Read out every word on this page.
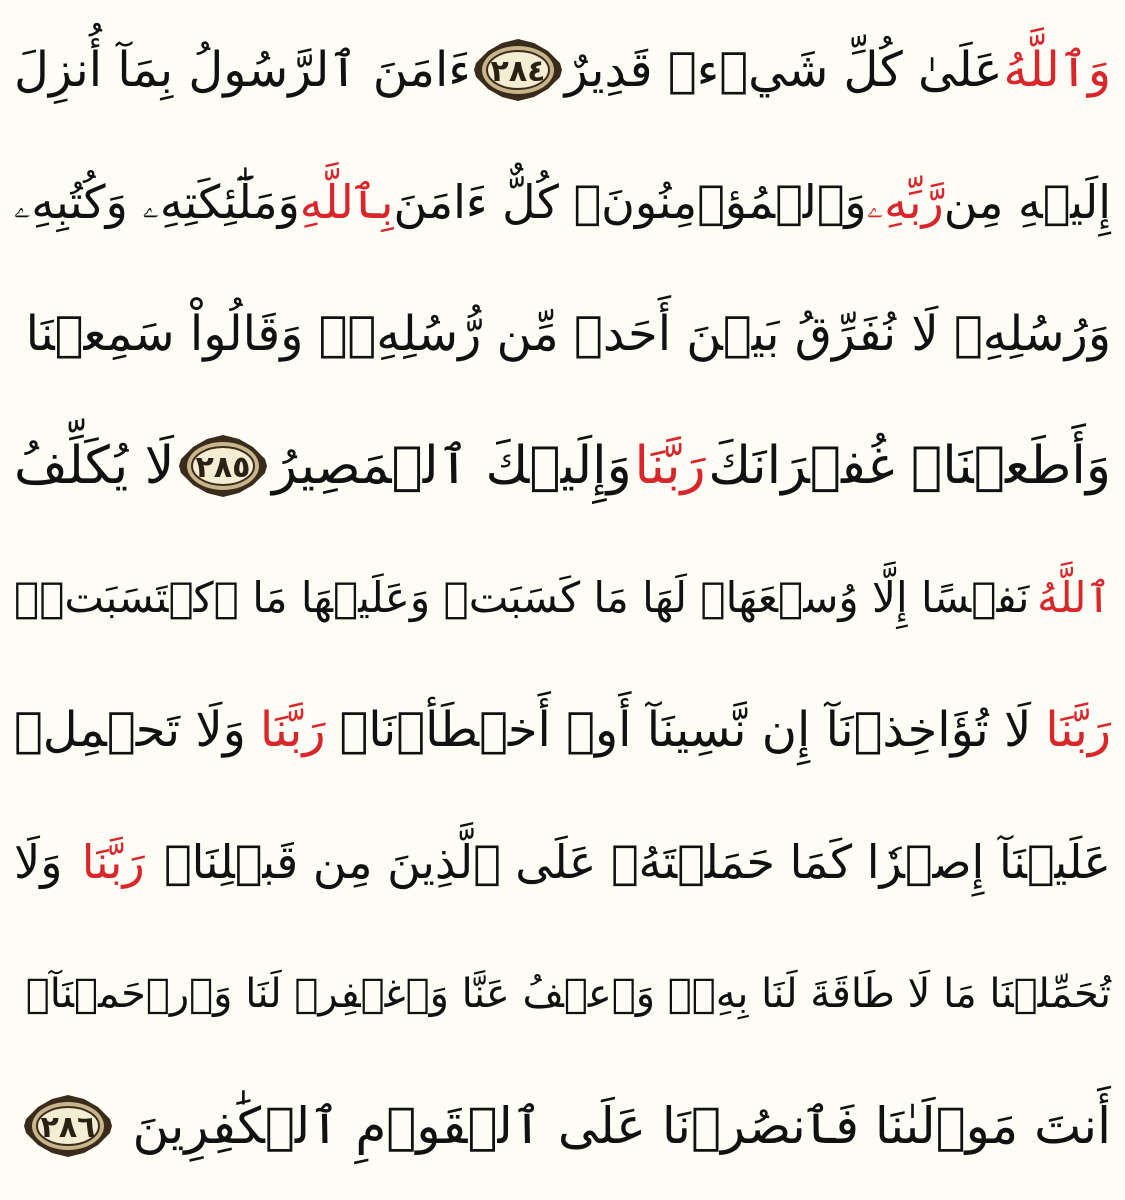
وَٱللَّهُ
عَلَىٰ كُلِّ شَيۡءٖ قَدِيرٌ
٢٨٤
ءَامَنَ ٱلرَّسُولُ بِمَآ أُنزِلَ
إِلَيۡهِ مِن
رَّبِّهِۦ
وَٱلۡمُؤۡمِنُونَۚ كُلٌّ ءَامَنَ
بِٱللَّهِ
وَمَلَٰٓئِكَتِهِۦ وَكُتُبِهِۦ
وَرُسُلِهِۦ لَا نُفَرِّقُ بَيۡنَ أَحَدٖ مِّن رُّسُلِهِۦۚ وَقَالُواْ سَمِعۡنَا
وَأَطَعۡنَاۖ غُفۡرَانَكَ
رَبَّنَا
وَإِلَيۡكَ ٱلۡمَصِيرُ
٢٨٥
لَا يُكَلِّفُ
ٱللَّهُ
نَفۡسًا إِلَّا وُسۡعَهَاۚ لَهَا مَا كَسَبَتۡ وَعَلَيۡهَا مَا ٱكۡتَسَبَتۡۗ
رَبَّنَا
لَا تُؤَاخِذۡنَآ إِن نَّسِينَآ أَوۡ أَخۡطَأۡنَاۚ
رَبَّنَا
وَلَا تَحۡمِلۡ
عَلَيۡنَآ إِصۡرٗا كَمَا حَمَلۡتَهُۥ عَلَى ٱلَّذِينَ مِن قَبۡلِنَاۚ
رَبَّنَا
وَلَا
تُحَمِّلۡنَا مَا لَا طَاقَةَ لَنَا بِهِۦۖ وَٱعۡفُ عَنَّا وَٱغۡفِرۡ لَنَا وَٱرۡحَمۡنَآۚ
أَنتَ مَوۡلَىٰنَا فَٱنصُرۡنَا عَلَى ٱلۡقَوۡمِ ٱلۡكَٰفِرِينَ
٢٨٦
